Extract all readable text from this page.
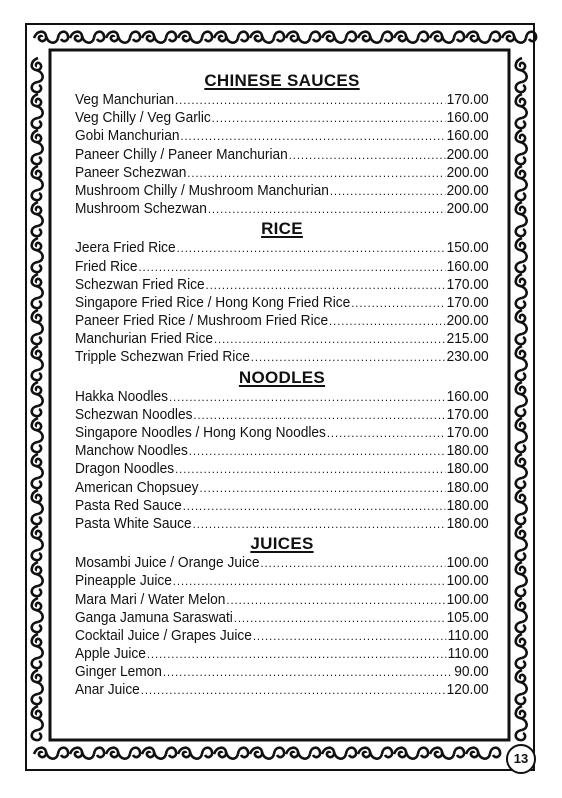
CHINESE SAUCES
Veg Manchurian .....	170.00
Veg Chilly / Veg Garlic .....	160.00
Gobi Manchurian .....	160.00
Paneer Chilly / Paneer Manchurian .....	200.00
Paneer Schezwan .....	200.00
Mushroom Chilly / Mushroom Manchurian .....	200.00
Mushroom Schezwan .....	200.00
RICE
Jeera Fried Rice .....	150.00
Fried Rice .....	160.00
Schezwan Fried Rice .....	170.00
Singapore Fried Rice / Hong Kong Fried Rice .....	170.00
Paneer Fried Rice / Mushroom Fried Rice .....	200.00
Manchurian Fried Rice .....	215.00
Tripple Schezwan Fried Rice .....	230.00
NOODLES
Hakka Noodles .....	160.00
Schezwan Noodles .....	170.00
Singapore Noodles / Hong Kong Noodles .....	170.00
Manchow Noodles .....	180.00
Dragon Noodles .....	180.00
American Chopsuey .....	180.00
Pasta Red Sauce .....	180.00
Pasta White Sauce .....	180.00
JUICES
Mosambi Juice / Orange Juice .....	100.00
Pineapple Juice .....	100.00
Mara Mari / Water Melon .....	100.00
Ganga Jamuna Saraswati .....	105.00
Cocktail Juice / Grapes Juice .....	110.00
Apple Juice .....	110.00
Ginger Lemon .....	90.00
Anar Juice .....	120.00
13
